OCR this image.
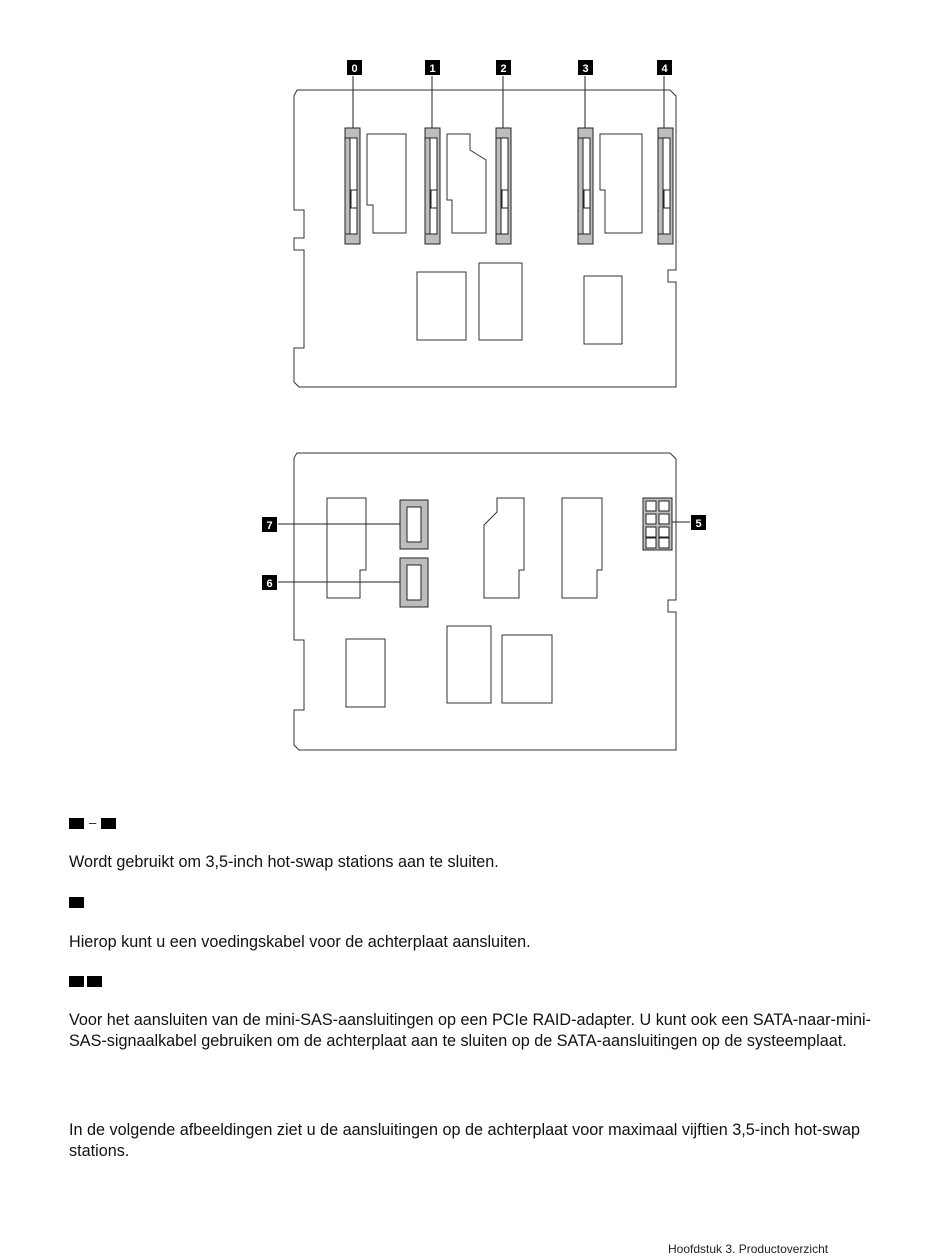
0	1	2	3	4
7
6
5
–

Wordt gebruikt om 3,5-inch hot-swap stations aan te sluiten.

Hierop kunt u een voedingskabel voor de achterplaat aansluiten.

Voor het aansluiten van de mini-SAS-aansluitingen op een PCIe RAID-adapter. U kunt ook een SATA-naar-mini-SAS-signaalkabel gebruiken om de achterplaat aan te sluiten op de SATA-aansluitingen op de systeemplaat.

In de volgende afbeeldingen ziet u de aansluitingen op de achterplaat voor maximaal vijftien 3,5-inch hot-swap stations.

Hoofdstuk 3. Productoverzicht
